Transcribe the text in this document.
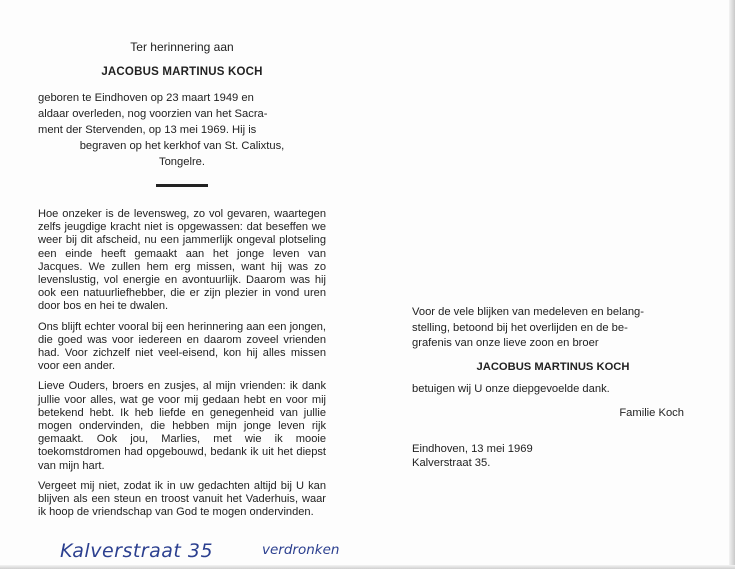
Ter herinnering aan
JACOBUS MARTINUS KOCH

geboren te Eindhoven op 23 maart 1949 en
aldaar overleden, nog voorzien van het Sacra-
ment der Stervenden, op 13 mei 1969. Hij is

begraven op het kerkhof van St. Calixtus,
Tongelre.

Hoe onzeker is de levensweg, zo vol gevaren, waartegen zelfs jeugdige kracht niet is opgewassen: dat beseffen we weer bij dit afscheid, nu een jammerlijk ongeval plotseling een einde heeft gemaakt aan het jonge leven van Jacques. We zullen hem erg missen, want hij was zo levenslustig, vol energie en avontuurlijk. Daarom was hij ook een natuurliefhebber, die er zijn plezier in vond uren door bos en hei te dwalen.

Ons blijft echter vooral bij een herinnering aan een jongen, die goed was voor iedereen en daarom zoveel vrienden had. Voor zichzelf niet veel-eisend, kon hij alles missen voor een ander.

Lieve Ouders, broers en zusjes, al mijn vrienden: ik dank jullie voor alles, wat ge voor mij gedaan hebt en voor mij betekend hebt. Ik heb liefde en genegenheid van jullie mogen ondervinden, die hebben mijn jonge leven rijk gemaakt. Ook jou, Marlies, met wie ik mooie toekomstdromen had opgebouwd, bedank ik uit het diepst van mijn hart.

Vergeet mij niet, zodat ik in uw gedachten altijd bij U kan blijven als een steun en troost vanuit het Vaderhuis, waar ik hoop de vriendschap van God te mogen ondervinden.

Voor de vele blijken van medeleven en belang-

stelling, betoond bij het overlijden en de be-

grafenis van onze lieve zoon en broer

JACOBUS MARTINUS KOCH

betuigen wij U onze diepgevoelde dank.

Familie Koch

Eindhoven, 13 mei 1969

Kalverstraat 35.

Kalverstraat 35	verdronken
